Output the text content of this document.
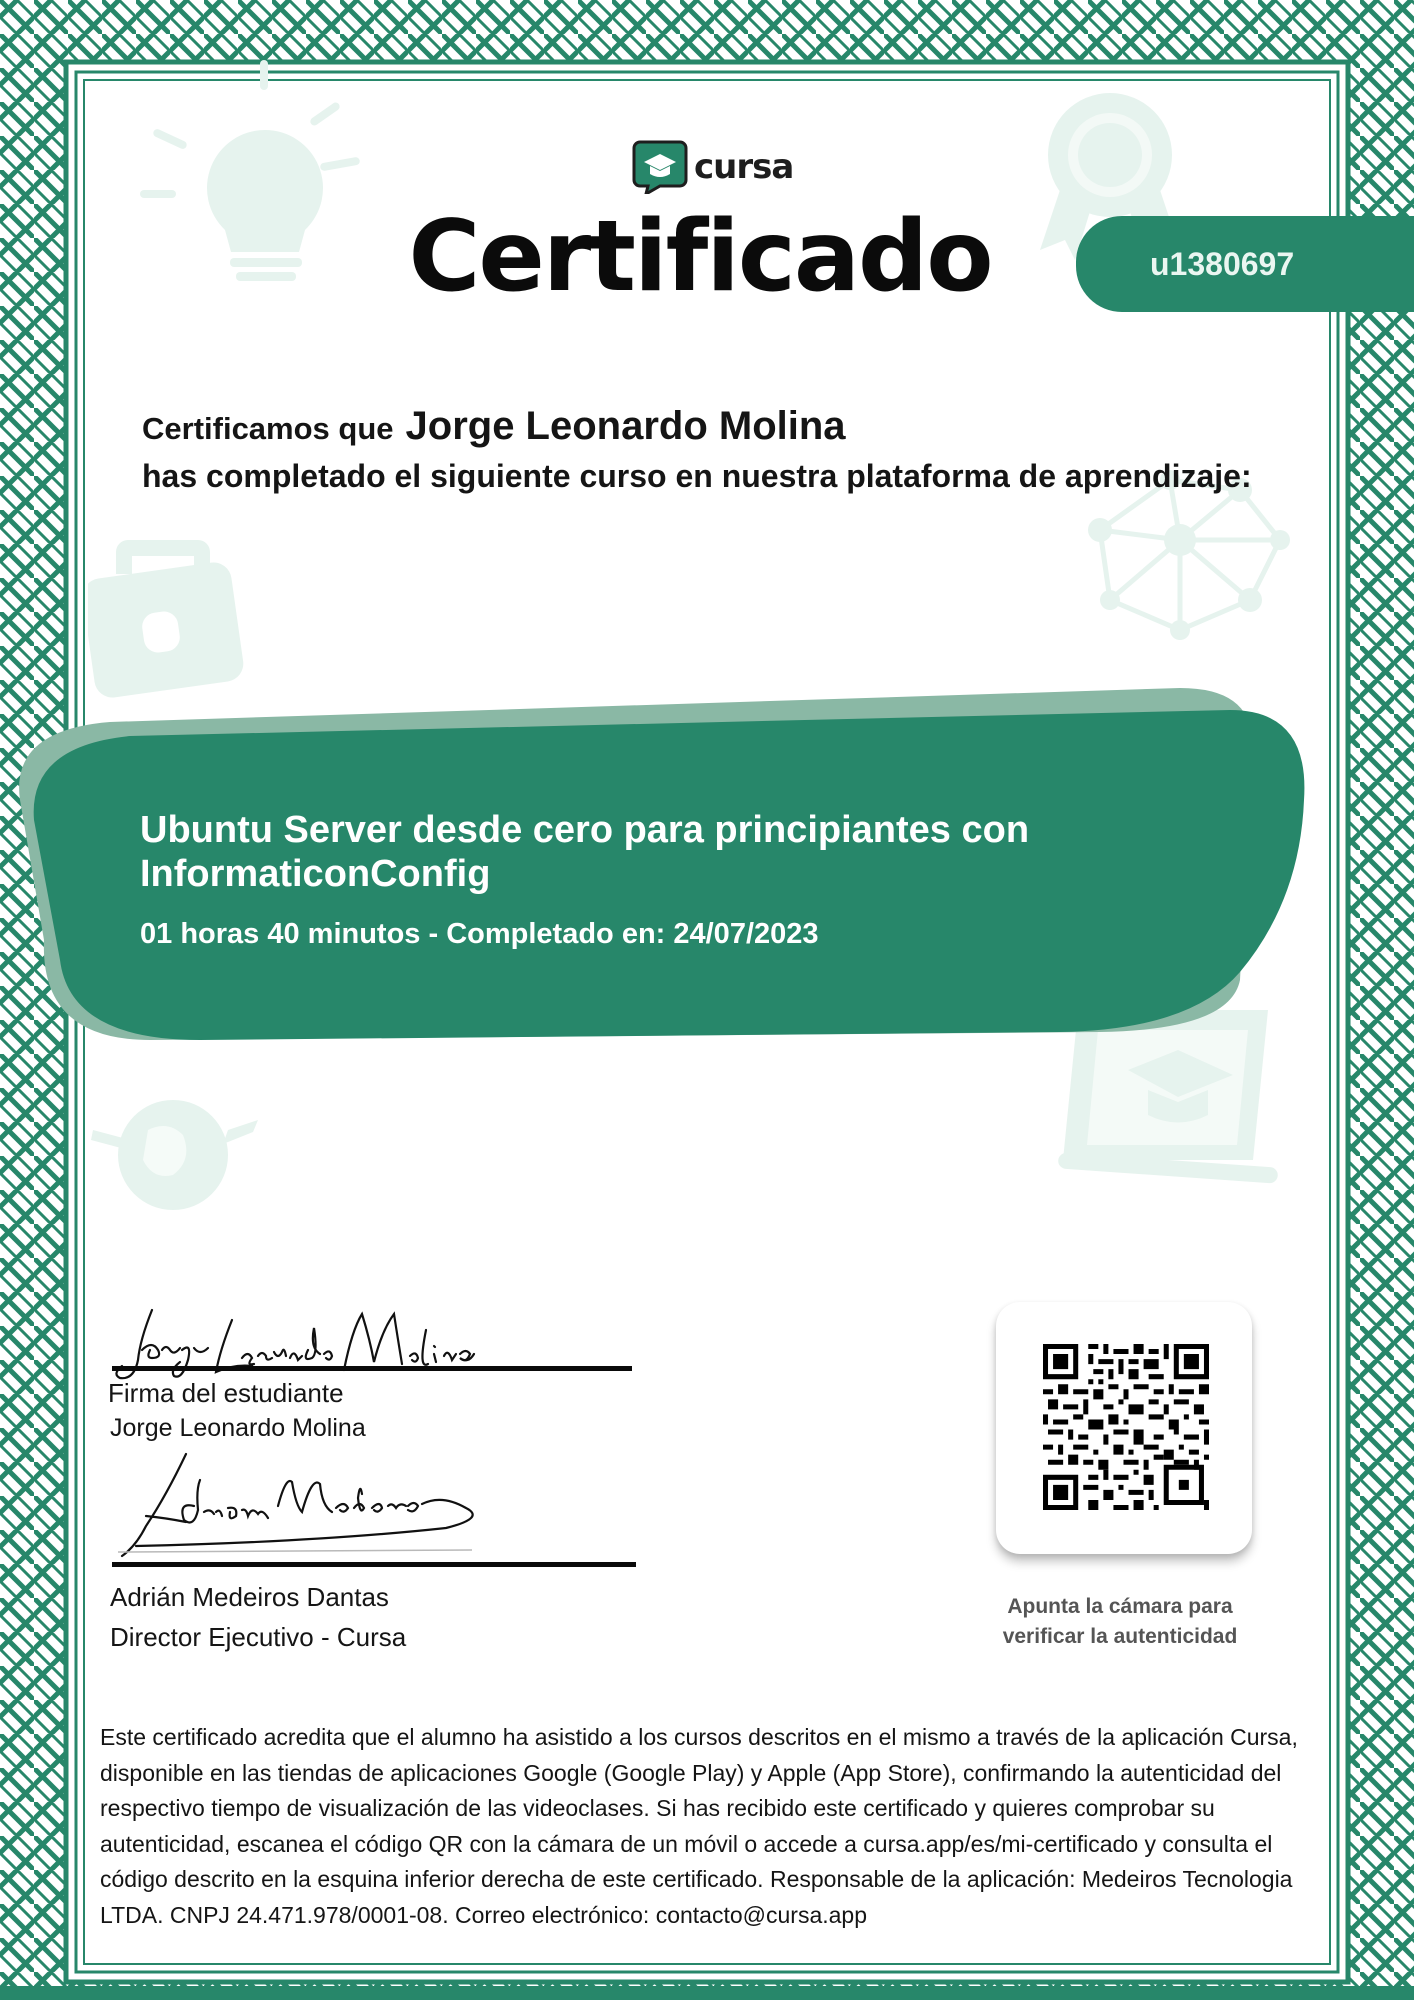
cursa
Certificado	u1380697
Certificamos que Jorge Leonardo Molina
has completado el siguiente curso en nuestra plataforma de aprendizaje:
Ubuntu Server desde cero para principiantes con
InformaticonConfig
01 horas 40 minutos - Completado en: 24/07/2023
Firma del estudiante
Jorge Leonardo Molina
Adrián Medeiros Dantas
Director Ejecutivo - Cursa
Apunta la cámara para
verificar la autenticidad
Este certificado acredita que el alumno ha asistido a los cursos descritos en el mismo a través de la aplicación Cursa, disponible en las tiendas de aplicaciones Google (Google Play) y Apple (App Store), confirmando la autenticidad del respectivo tiempo de visualización de las videoclases. Si has recibido este certificado y quieres comprobar su autenticidad, escanea el código QR con la cámara de un móvil o accede a cursa.app/es/mi-certificado y consulta el código descrito en la esquina inferior derecha de este certificado. Responsable de la aplicación: Medeiros Tecnologia LTDA. CNPJ 24.471.978/0001-08. Correo electrónico: contacto@cursa.app
